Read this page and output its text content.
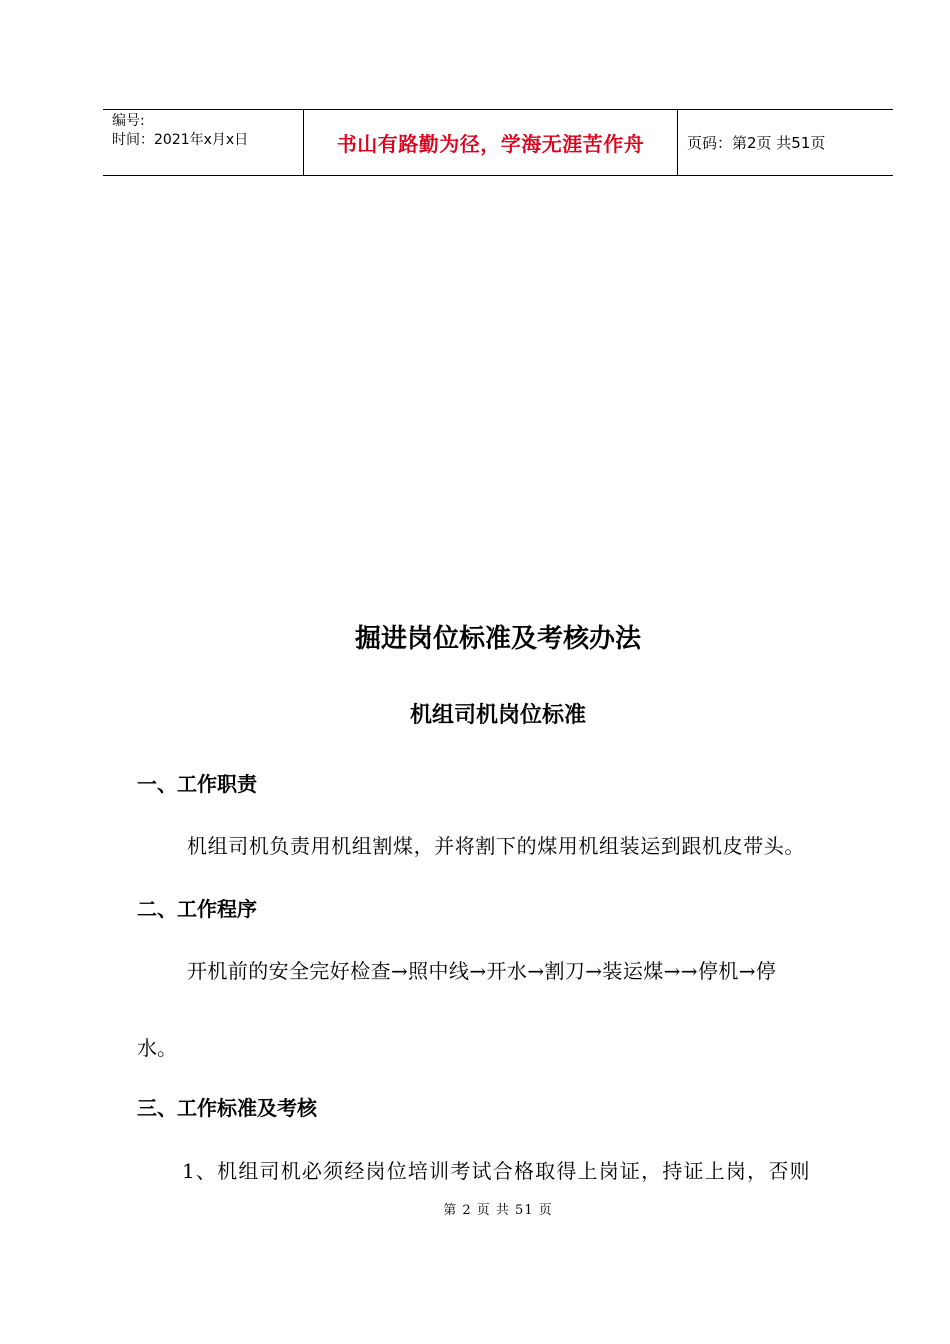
编号:
时间：2021年x月x日	书山有路勤为径，学海无涯苦作舟	页码：第2页 共51页
掘进岗位标准及考核办法
机组司机岗位标准
一、工作职责
机组司机负责用机组割煤，并将割下的煤用机组装运到跟机皮带头。
二、工作程序
开机前的安全完好检查→照中线→开水→割刀→装运煤→→停机→停
水。
三、工作标准及考核
1、机组司机必须经岗位培训考试合格取得上岗证，持证上岗，否则
第 2 页 共 51 页
